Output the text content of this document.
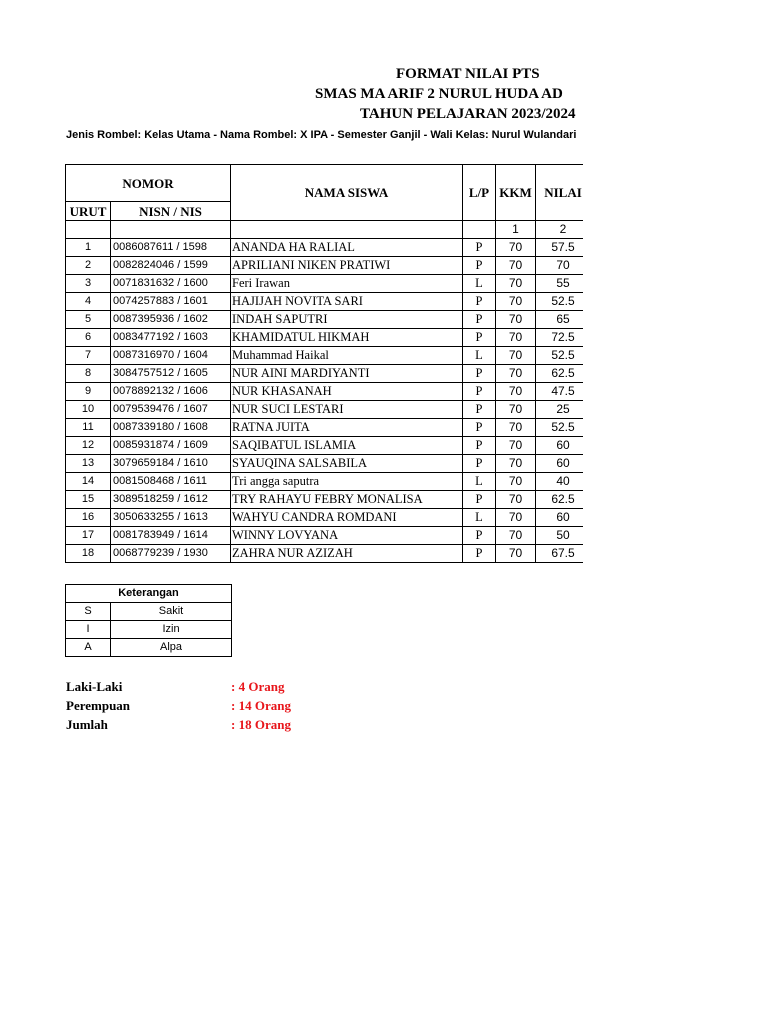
FORMAT NILAI PTS
SMAS MA ARIF 2 NURUL HUDA AD
TAHUN PELAJARAN 2023/2024
Jenis Rombel: Kelas Utama - Nama Rombel: X IPA - Semester Ganjil - Wali Kelas: Nurul Wulandari
NOMOR		NAMA SISWA	L/P	KKM	NILAI
URUT	NISN / NIS				
				1	2
1	0086087611 / 1598	ANANDA HA RALIAL	P	70	57.5
2	0082824046 / 1599	APRILIANI NIKEN PRATIWI	P	70	70
3	0071831632 / 1600	Feri Irawan	L	70	55
4	0074257883 / 1601	HAJIJAH NOVITA SARI	P	70	52.5
5	0087395936 / 1602	INDAH SAPUTRI	P	70	65
6	0083477192 / 1603	KHAMIDATUL HIKMAH	P	70	72.5
7	0087316970 / 1604	Muhammad Haikal	L	70	52.5
8	3084757512 / 1605	NUR AINI MARDIYANTI	P	70	62.5
9	0078892132 / 1606	NUR KHASANAH	P	70	47.5
10	0079539476 / 1607	NUR SUCI LESTARI	P	70	25
11	0087339180 / 1608	RATNA JUITA	P	70	52.5
12	0085931874 / 1609	SAQIBATUL ISLAMIA	P	70	60
13	3079659184 / 1610	SYAUQINA SALSABILA	P	70	60
14	0081508468 / 1611	Tri angga saputra	L	70	40
15	3089518259 / 1612	TRY RAHAYU FEBRY MONALISA	P	70	62.5
16	3050633255 / 1613	WAHYU CANDRA ROMDANI	L	70	60
17	0081783949 / 1614	WINNY LOVYANA	P	70	50
18	0068779239 / 1930	ZAHRA NUR AZIZAH	P	70	67.5
Keterangan	
S	Sakit
I	Izin
A	Alpa
Laki-Laki	: 4 Orang
Perempuan	: 14 Orang
Jumlah	: 18 Orang
